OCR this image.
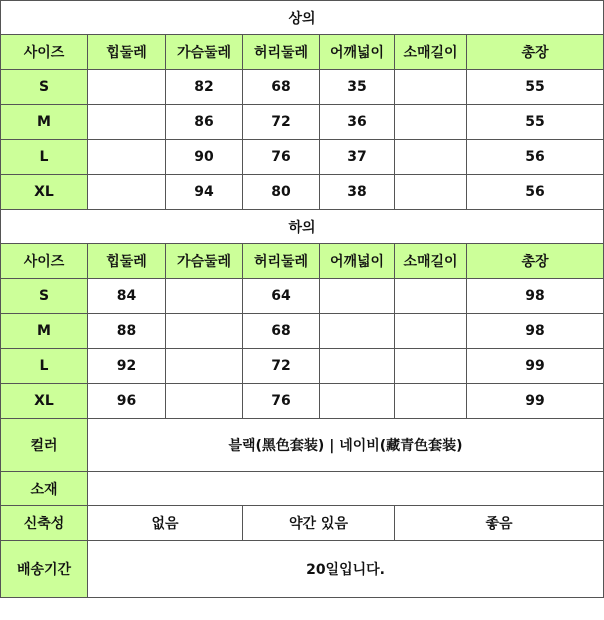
상의						
사이즈	힙둘레	가슴둘레	허리둘레	어깨넓이	소매길이	총장
S		82	68	35		55
M		86	72	36		55
L		90	76	37		56
XL		94	80	38		56
하의						
사이즈	힙둘레	가슴둘레	허리둘레	어깨넓이	소매길이	총장
S	84		64			98
M	88		68			98
L	92		72			99
XL	96		76			99
컬러	블랙(黑色套装) | 네이비(藏青色套装)					
소재						
신축성	없음		약간 있음		좋음	
배송기간	20일입니다.					
